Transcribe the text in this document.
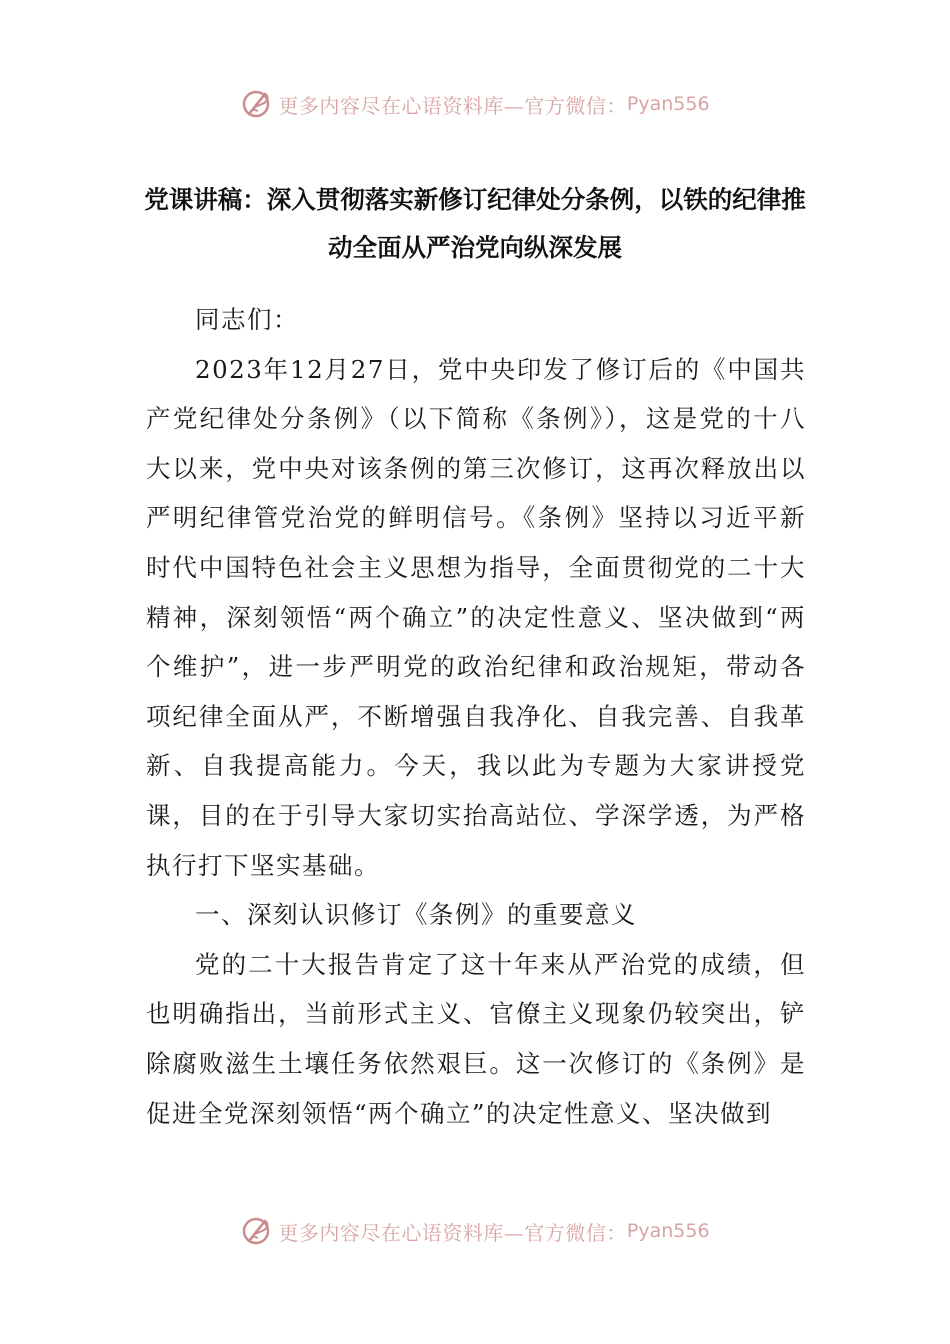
更多内容尽在心语资料库—官方微信： Pyan556
党课讲稿：深入贯彻落实新修订纪律处分条例，以铁的纪律推动全面从严治党向纵深发展

同志们：

2023年12月27日，党中央印发了修订后的《中国共产党纪律处分条例》（以下简称《条例》），这是党的十八大以来，党中央对该条例的第三次修订，这再次释放出以严明纪律管党治党的鲜明信号。《条例》坚持以习近平新时代中国特色社会主义思想为指导，全面贯彻党的二十大精神，深刻领悟“两个确立”的决定性意义、坚决做到“两个维护”，进一步严明党的政治纪律和政治规矩，带动各项纪律全面从严，不断增强自我净化、自我完善、自我革新、自我提高能力。今天，我以此为专题为大家讲授党课，目的在于引导大家切实抬高站位、学深学透，为严格执行打下坚实基础。

一、深刻认识修订《条例》的重要意义

党的二十大报告肯定了这十年来从严治党的成绩，但也明确指出，当前形式主义、官僚主义现象仍较突出，铲除腐败滋生土壤任务依然艰巨。这一次修订的《条例》是促进全党深刻领悟“两个确立”的决定性意义、坚决做到

更多内容尽在心语资料库—官方微信： Pyan556
